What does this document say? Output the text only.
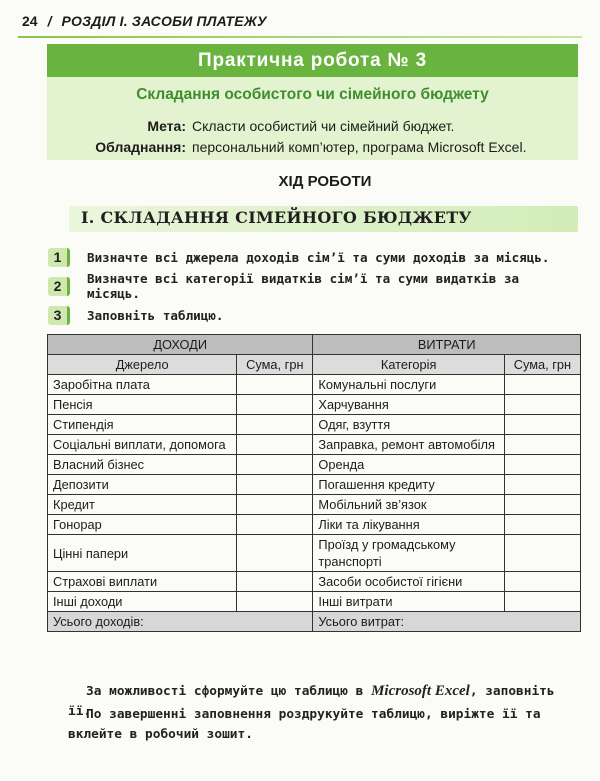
24 / РОЗДІЛ І. ЗАСОБИ ПЛАТЕЖУ
Практична робота № 3
Складання особистого чи сімейного бюджету
Мета: Скласти особистий чи сімейний бюджет.
Обладнання: персональний комп’ютер, програма Microsoft Excel.
ХІД РОБОТИ
І. СКЛАДАННЯ СІМЕЙНОГО БЮДЖЕТУ
1	Визначте всі джерела доходів сім’ї та суми доходів за місяць.
2	Визначте всі категорії видатків сім’ї та суми видатків за місяць.
3	Заповніть таблицю.
ДОХОДИ		ВИТРАТИ	
Джерело	Сума, грн	Категорія	Сума, грн
Заробітна плата		Комунальні послуги	
Пенсія		Харчування	
Стипендія		Одяг, взуття	
Соціальні виплати, допомога		Заправка, ремонт автомобіля	
Власний бізнес		Оренда	
Депозити		Погашення кредиту	
Кредит		Мобільний зв’язок	
Гонорар		Ліки та лікування	
Цінні папери		Проїзд у громадському транспорті	
Страхові виплати		Засоби особистої гігієни	
Інші доходи		Інші витрати	
Усього доходів:		Усього витрат:	
За можливості сформуйте цю таблицю в Microsoft Excel, заповніть її.
По завершенні заповнення роздрукуйте таблицю, виріжте її та вклейте в робочий зошит.
